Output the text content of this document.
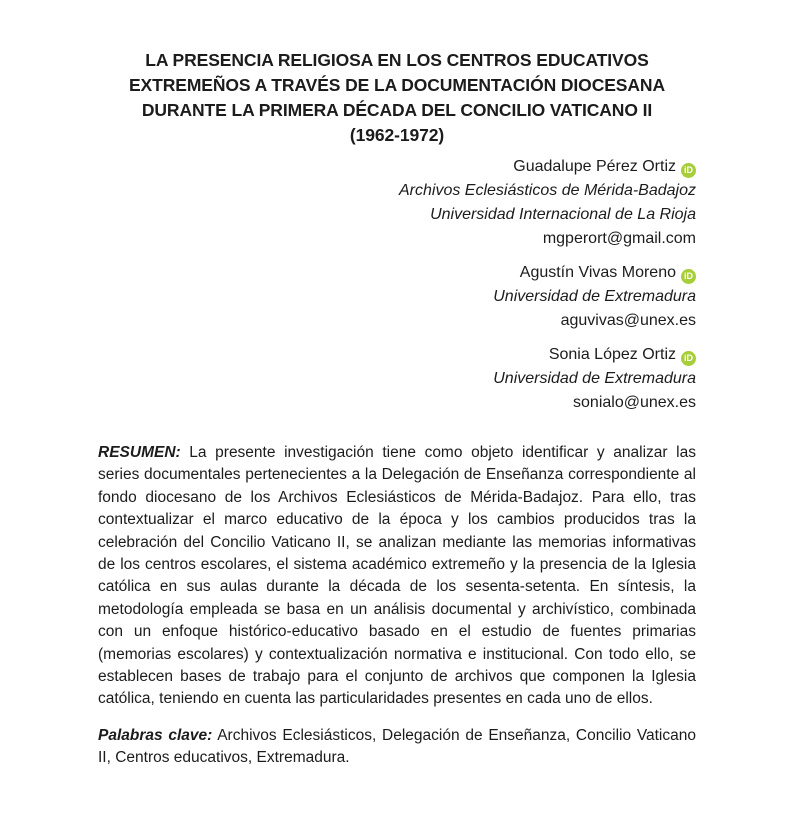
LA PRESENCIA RELIGIOSA EN LOS CENTROS EDUCATIVOS
EXTREMEÑOS A TRAVÉS DE LA DOCUMENTACIÓN DIOCESANA
DURANTE LA PRIMERA DÉCADA DEL CONCILIO VATICANO II
(1962-1972)
Guadalupe Pérez Ortiz iD
Archivos Eclesiásticos de Mérida-Badajoz
Universidad Internacional de La Rioja
mgperort@gmail.com
Agustín Vivas Moreno iD
Universidad de Extremadura
aguvivas@unex.es
Sonia López Ortiz iD
Universidad de Extremadura
sonialo@unex.es

RESUMEN: La presente investigación tiene como objeto identificar y analizar las series documentales pertenecientes a la Delegación de Enseñanza correspondiente al fondo diocesano de los Archivos Eclesiásticos de Mérida-Badajoz. Para ello, tras contextualizar el marco educativo de la época y los cambios producidos tras la celebración del Concilio Vaticano II, se analizan mediante las memorias informativas de los centros escolares, el sistema académico extremeño y la presencia de la Iglesia católica en sus aulas durante la década de los sesenta-setenta. En síntesis, la metodología empleada se basa en un análisis documental y archivístico, combinada con un enfoque histórico-educativo basado en el estudio de fuentes primarias (memorias escolares) y contextualización normativa e institucional. Con todo ello, se establecen bases de trabajo para el conjunto de archivos que componen la Iglesia católica, teniendo en cuenta las particularidades presentes en cada uno de ellos.

Palabras clave: Archivos Eclesiásticos, Delegación de Enseñanza, Concilio Vaticano II, Centros educativos, Extremadura.
